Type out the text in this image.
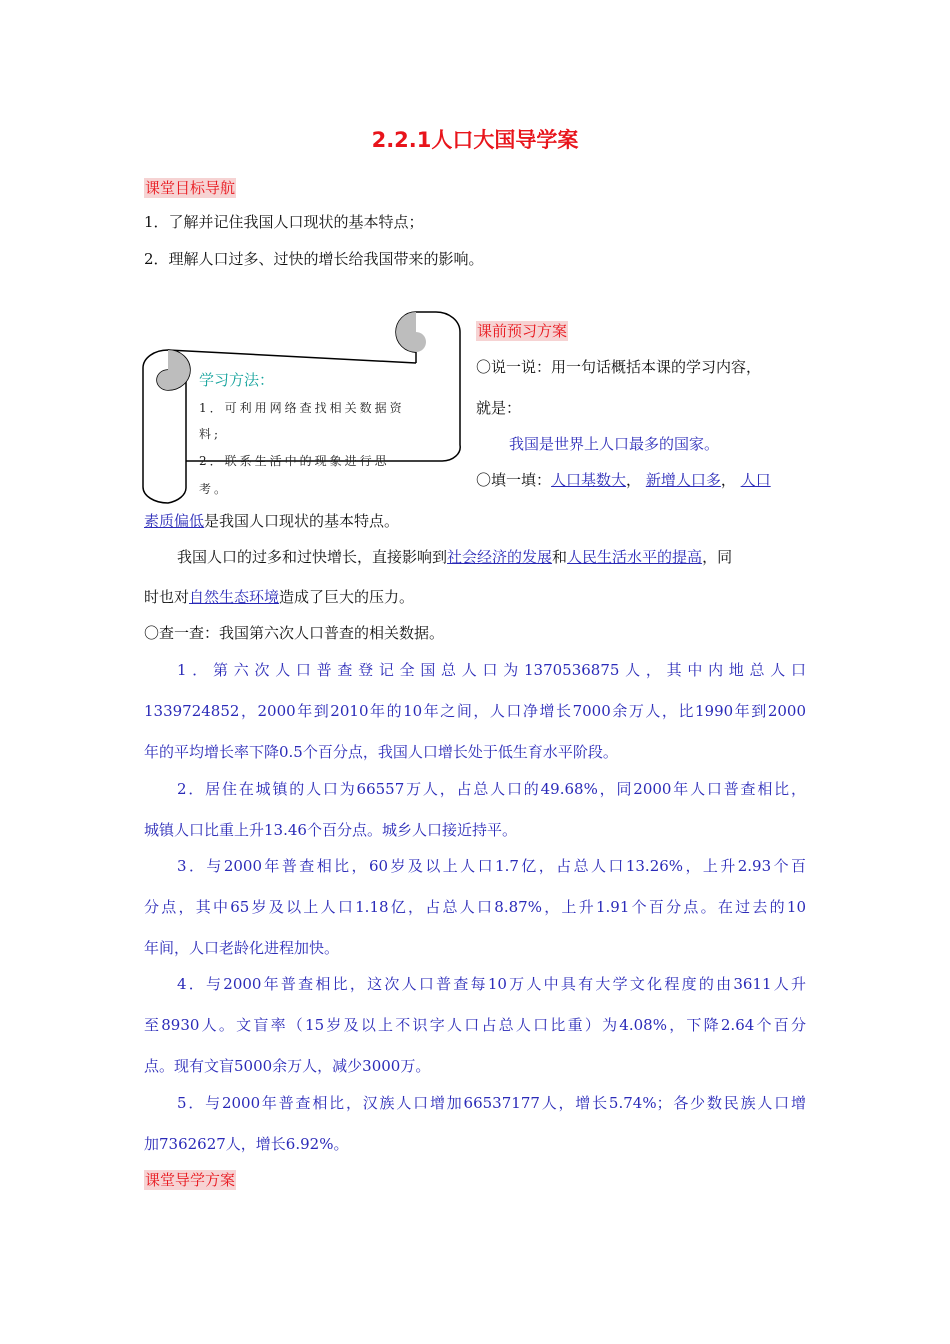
2.2.1人口大国导学案
课堂目标导航
1．了解并记住我国人口现状的基本特点；
2．理解人口过多、过快的增长给我国带来的影响。
学习方法：
1．可利用网络查找相关数据资
料;
2．联系生活中的现象进行思
考。
课前预习方案
〇说一说：用一句话概括本课的学习内容，
就是：
我国是世界上人口最多的国家。
〇填一填：人口基数大， 新增人口多， 人口
素质偏低是我国人口现状的基本特点。
我国人口的过多和过快增长，直接影响到社会经济的发展和人民生活水平的提高，同
时也对自然生态环境造成了巨大的压力。
〇查一查：我国第六次人口普查的相关数据。
1．第六次人口普查登记全国总人口为1370536875人，其中内地总人口
1339724852，2000年到2010年的10年之间，人口净增长7000余万人，比1990年到2000
年的平均增长率下降0.5个百分点，我国人口增长处于低生育水平阶段。
2．居住在城镇的人口为66557万人，占总人口的49.68%，同2000年人口普查相比，
城镇人口比重上升13.46个百分点。城乡人口接近持平。
3．与2000年普查相比，60岁及以上人口1.7亿，占总人口13.26%，上升2.93个百
分点，其中65岁及以上人口1.18亿，占总人口8.87%，上升1.91个百分点。在过去的10
年间，人口老龄化进程加快。
4．与2000年普查相比，这次人口普查每10万人中具有大学文化程度的由3611人升
至8930人。文盲率（15岁及以上不识字人口占总人口比重）为4.08%，下降2.64个百分
点。现有文盲5000余万人，减少3000万。
5．与2000年普查相比，汉族人口增加66537177人，增长5.74%；各少数民族人口增
加7362627人，增长6.92%。
课堂导学方案
